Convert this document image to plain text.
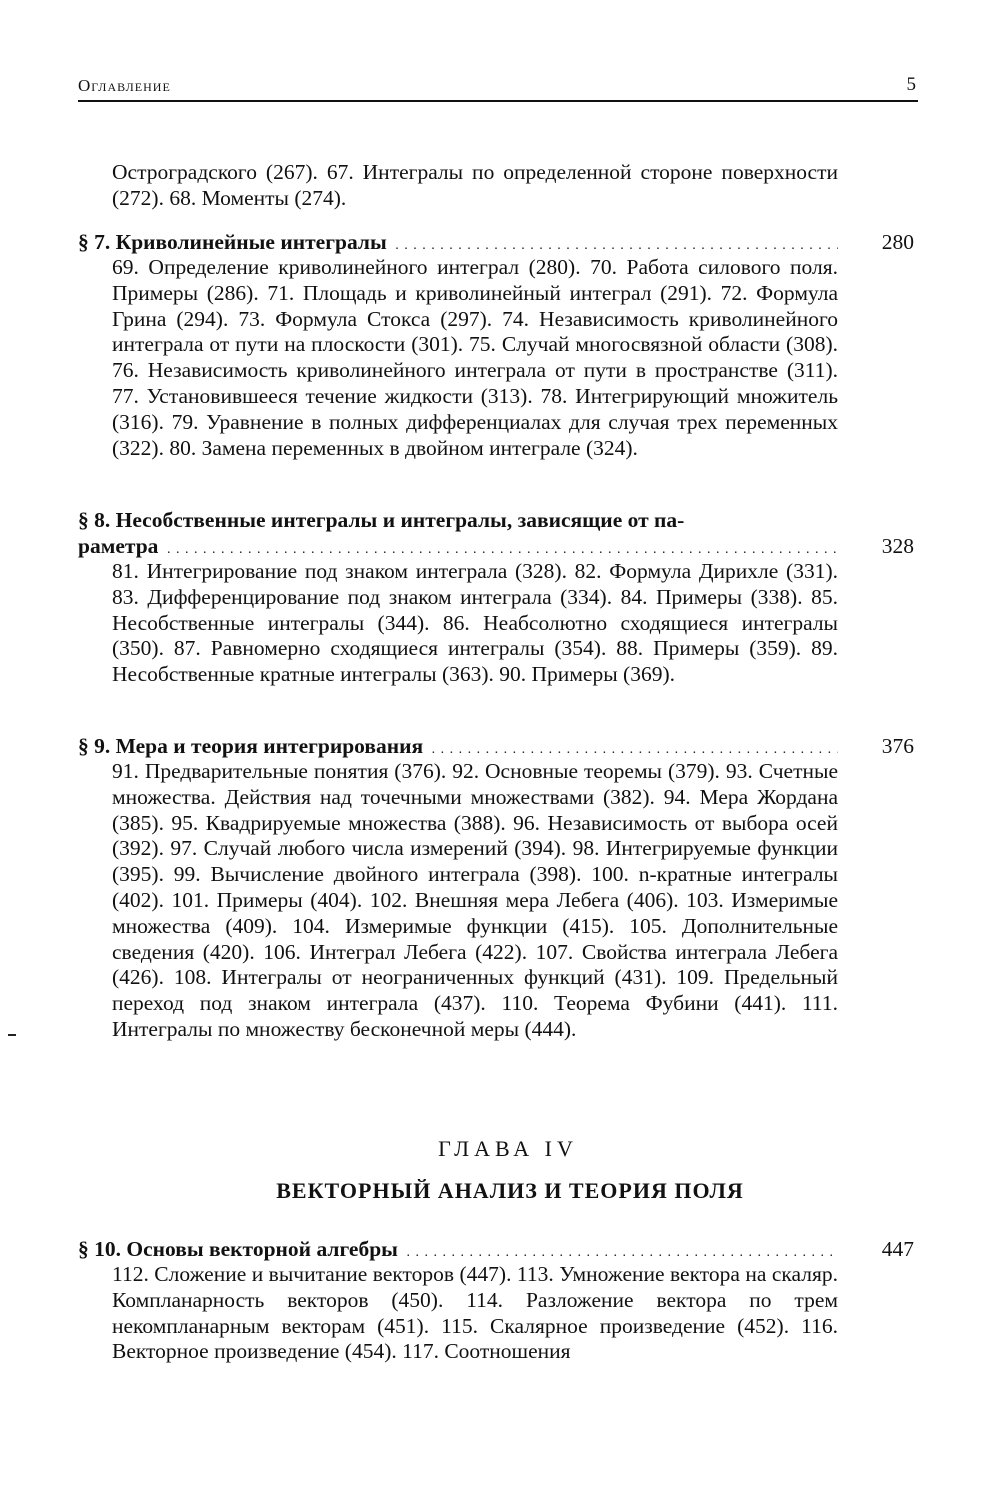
Оглавление	5
Остроградского (267). 67. Интегралы по определенной стороне поверхности (272). 68. Моменты (274).
§ 7. Криволинейные интегралы . . .	280
69. Определение криволинейного интеграл (280). 70. Работа силового поля. Примеры (286). 71. Площадь и криволинейный интеграл (291). 72. Формула Грина (294). 73. Формула Стокса (297). 74. Независимость криволинейного интеграла от пути на плоскости (301). 75. Случай многосвязной области (308). 76. Независимость криволинейного интеграла от пути в пространстве (311). 77. Установившееся течение жидкости (313). 78. Интегрирующий множитель (316). 79. Уравнение в полных дифференциалах для случая трех переменных (322). 80. Замена переменных в двойном интеграле (324).
§ 8. Несобственные интегралы и интегралы, зависящие от па-
раметра . . .	328
81. Интегрирование под знаком интеграла (328). 82. Формула Дирихле (331). 83. Дифференцирование под знаком интеграла (334). 84. Примеры (338). 85. Несобственные интегралы (344). 86. Неабсолютно сходящиеся интегралы (350). 87. Равномерно сходящиеся интегралы (354). 88. Примеры (359). 89. Несобственные кратные интегралы (363). 90. Примеры (369).
§ 9. Мера и теория интегрирования . . .	376
91. Предварительные понятия (376). 92. Основные теоремы (379). 93. Счетные множества. Действия над точечными множествами (382). 94. Мера Жордана (385). 95. Квадрируемые множества (388). 96. Независимость от выбора осей (392). 97. Случай любого числа измерений (394). 98. Интегрируемые функции (395). 99. Вычисление двойного интеграла (398). 100. n-кратные интегралы (402). 101. Примеры (404). 102. Внешняя мера Лебега (406). 103. Измеримые множества (409). 104. Измеримые функции (415). 105. Дополнительные сведения (420). 106. Интеграл Лебега (422). 107. Свойства интеграла Лебега (426). 108. Интегралы от неограниченных функций (431). 109. Предельный переход под знаком интеграла (437). 110. Теорема Фубини (441). 111. Интегралы по множеству бесконечной меры (444).
ГЛАВА IV
ВЕКТОРНЫЙ АНАЛИЗ И ТЕОРИЯ ПОЛЯ
§ 10. Основы векторной алгебры . . .	447
112. Сложение и вычитание векторов (447). 113. Умножение вектора на скаляр. Компланарность векторов (450). 114. Разложение вектора по трем некомпланарным векторам (451). 115. Скалярное произведение (452). 116. Векторное произведение (454). 117. Соотношения
